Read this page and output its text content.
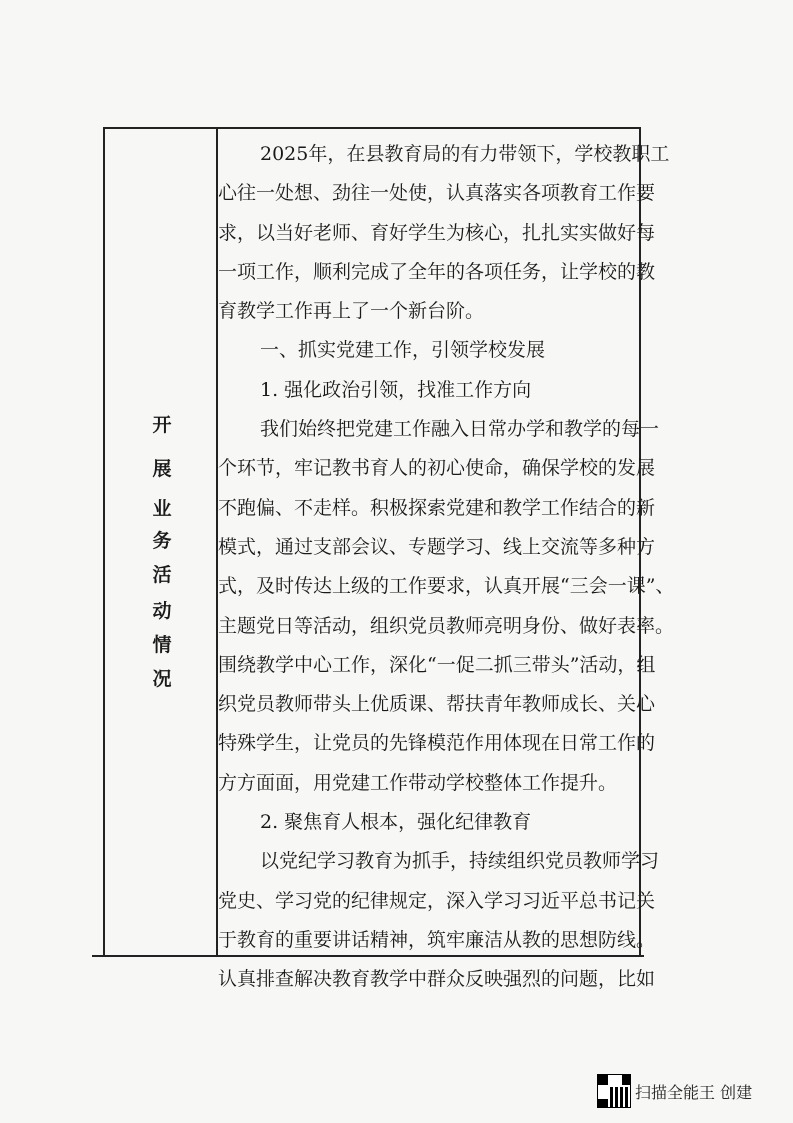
开
展
业
务
活
动
情
况

2025年，在县教育局的有力带领下，学校教职工
心往一处想、劲往一处使，认真落实各项教育工作要
求，以当好老师、育好学生为核心，扎扎实实做好每
一项工作，顺利完成了全年的各项任务，让学校的教
育教学工作再上了一个新台阶。

一、抓实党建工作，引领学校发展

1. 强化政治引领，找准工作方向

我们始终把党建工作融入日常办学和教学的每一
个环节，牢记教书育人的初心使命，确保学校的发展
不跑偏、不走样。积极探索党建和教学工作结合的新
模式，通过支部会议、专题学习、线上交流等多种方
式，及时传达上级的工作要求，认真开展“三会一课”、
主题党日等活动，组织党员教师亮明身份、做好表率。
围绕教学中心工作，深化“一促二抓三带头”活动，组
织党员教师带头上优质课、帮扶青年教师成长、关心
特殊学生，让党员的先锋模范作用体现在日常工作的
方方面面，用党建工作带动学校整体工作提升。

2. 聚焦育人根本，强化纪律教育

以党纪学习教育为抓手，持续组织党员教师学习
党史、学习党的纪律规定，深入学习习近平总书记关
于教育的重要讲话精神，筑牢廉洁从教的思想防线。
认真排查解决教育教学中群众反映强烈的问题，比如

扫描全能王 创建
